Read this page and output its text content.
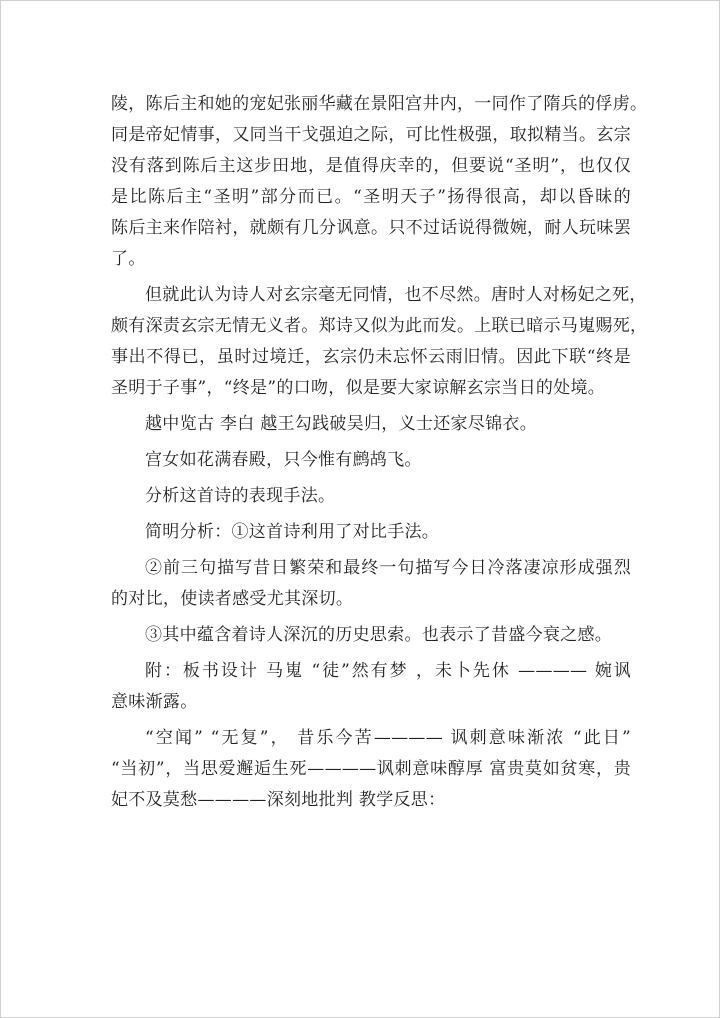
陵，陈后主和她的宠妃张丽华藏在景阳宫井内，一同作了隋兵的俘虏。
同是帝妃情事，又同当干戈强迫之际，可比性极强，取拟精当。玄宗
没有落到陈后主这步田地，是值得庆幸的，但要说“圣明”，也仅仅
是比陈后主“圣明”部分而已。“圣明天子”扬得很高，却以昏昧的
陈后主来作陪衬，就颇有几分讽意。只不过话说得微婉，耐人玩味罢
了。
但就此认为诗人对玄宗毫无同情，也不尽然。唐时人对杨妃之死，
颇有深责玄宗无情无义者。郑诗又似为此而发。上联已暗示马嵬赐死，
事出不得已，虽时过境迁，玄宗仍未忘怀云雨旧情。因此下联“终是
圣明于子事”，“终是”的口吻，似是要大家谅解玄宗当日的处境。
越中览古 李白 越王勾践破吴归，义士还家尽锦衣。
宫女如花满春殿，只今惟有鹧鸪飞。
分析这首诗的表现手法。
简明分析：①这首诗利用了对比手法。
②前三句描写昔日繁荣和最终一句描写今日冷落凄凉形成强烈
的对比，使读者感受尤其深切。
③其中蕴含着诗人深沉的历史思索。也表示了昔盛今衰之感。
附：板书设计 马嵬 “徒”然有梦 ，未卜先休 ———— 婉讽
意味渐露。
“空闻” “无复”， 昔乐今苦———— 讽刺意味渐浓 “此日”
“当初”，当思爱邂逅生死————讽刺意味醇厚 富贵莫如贫寒，贵
妃不及莫愁————深刻地批判 教学反思：
